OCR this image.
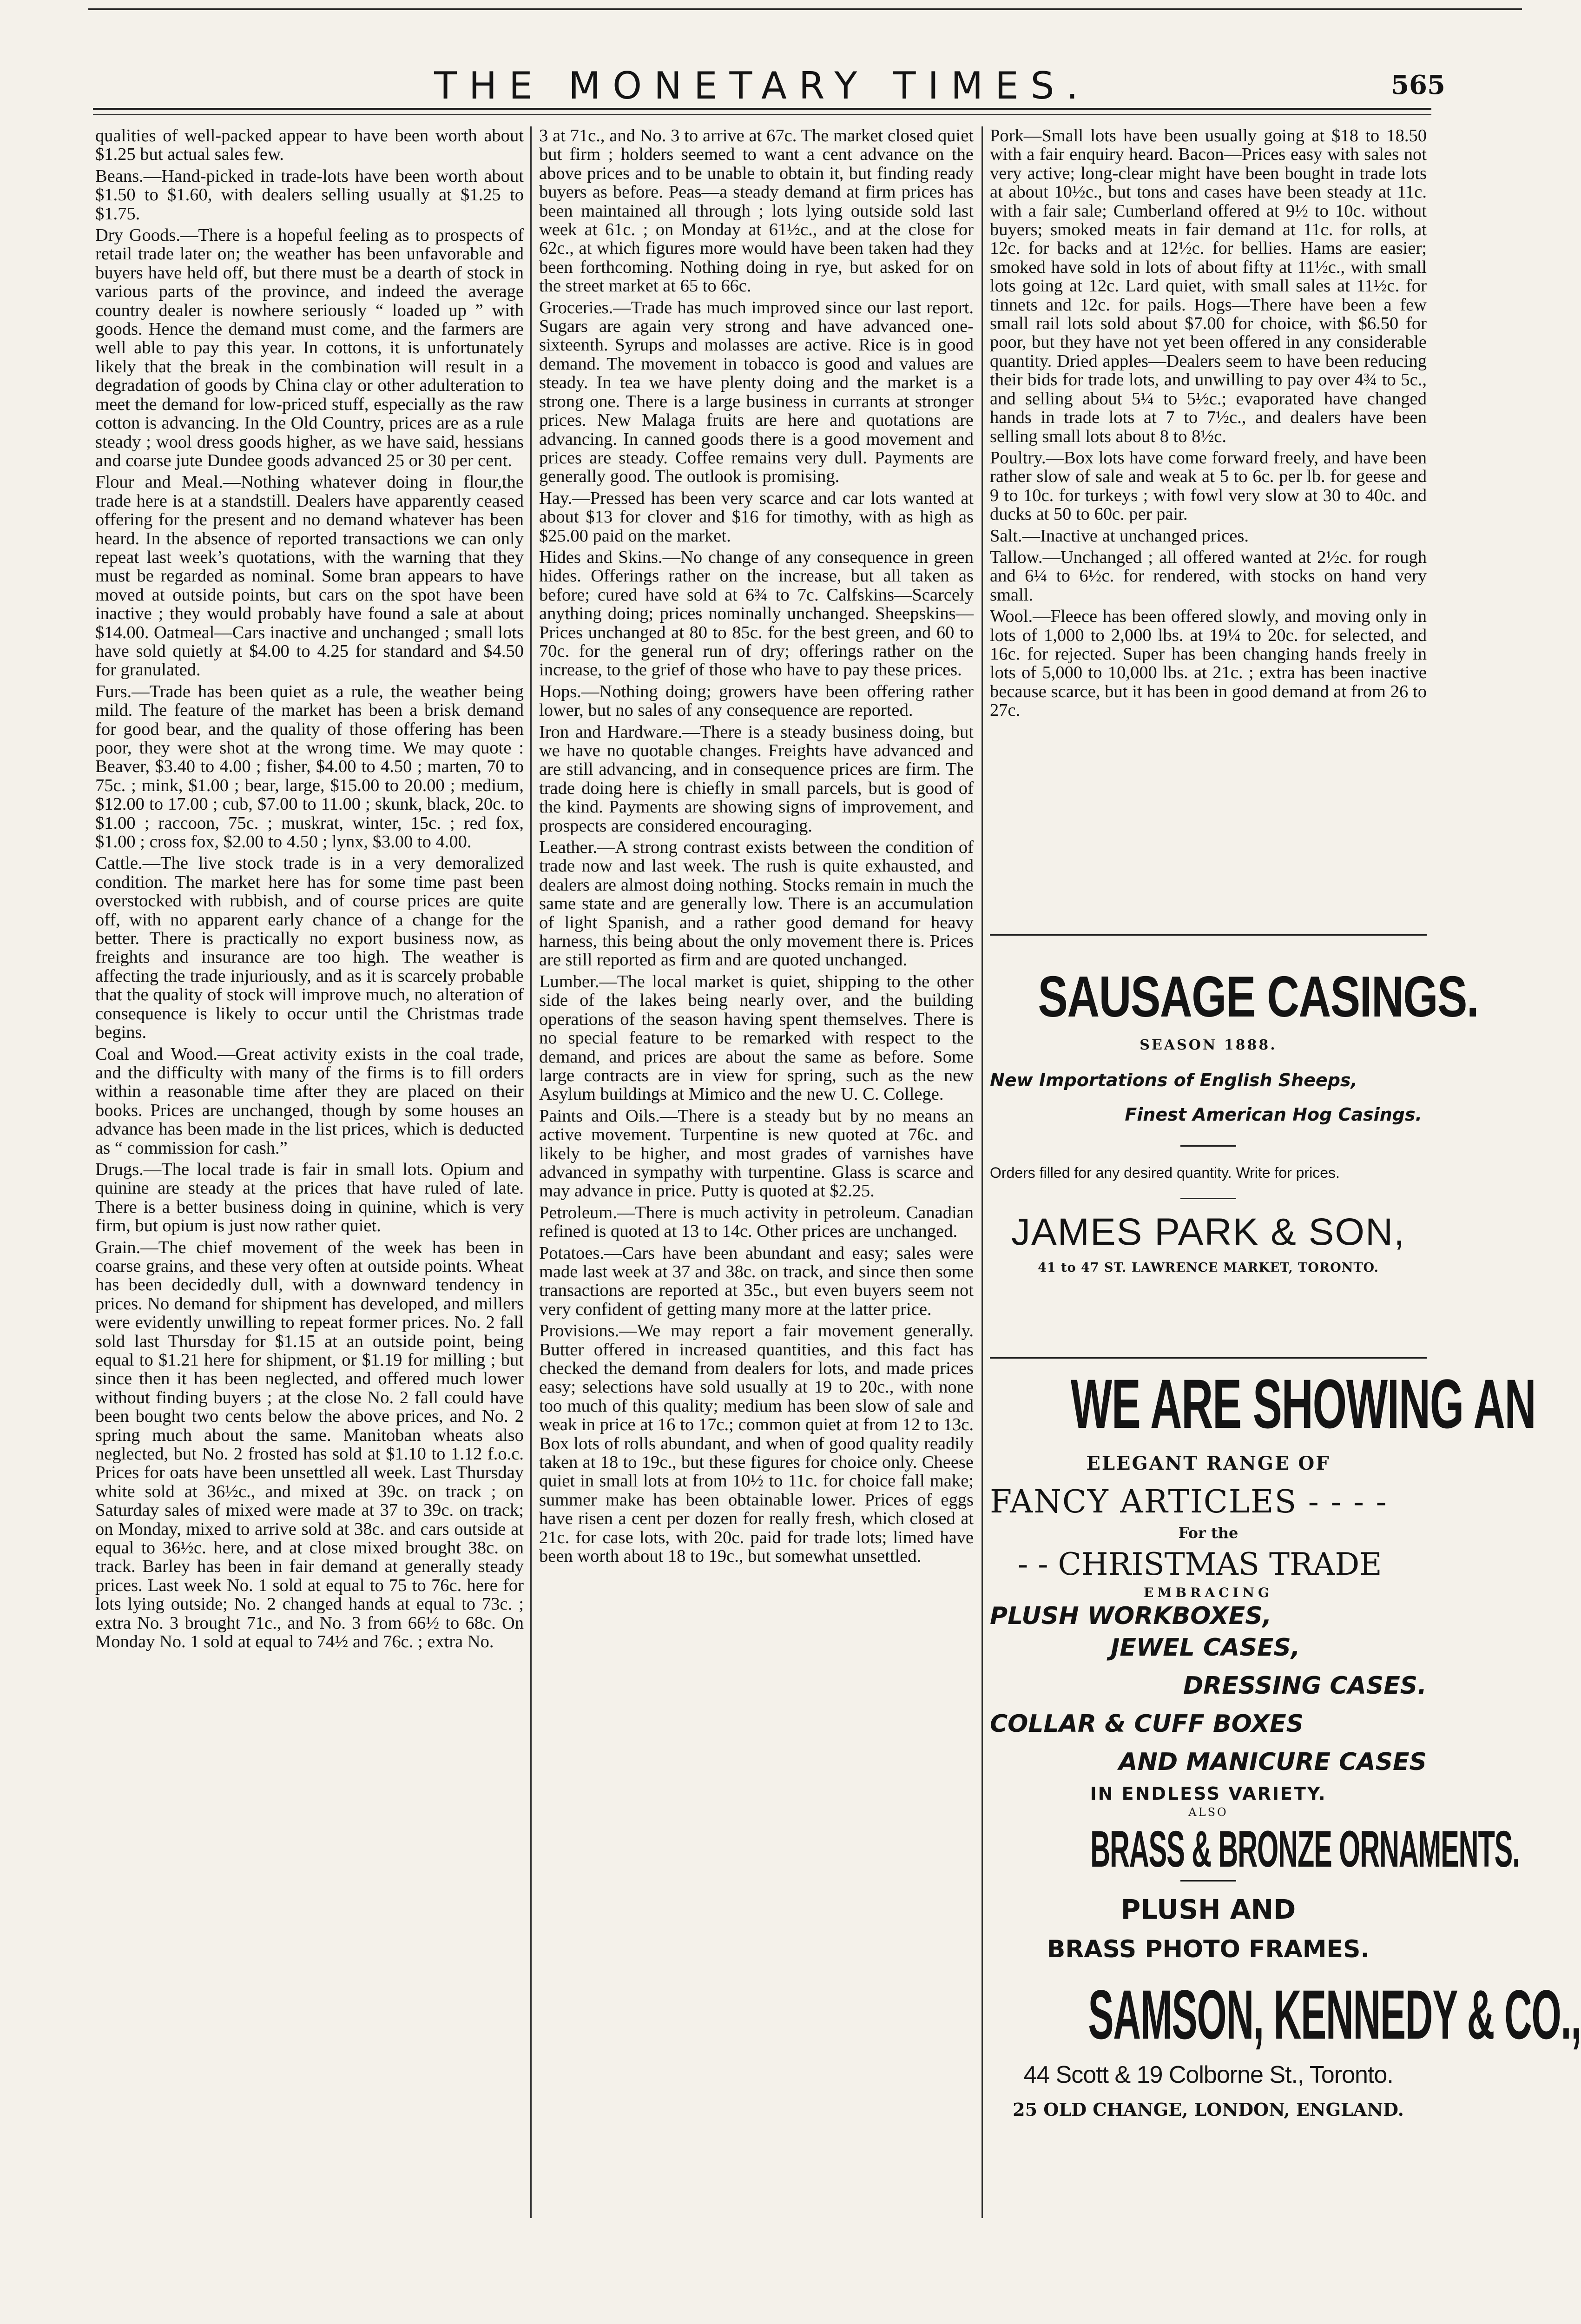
THE MONETARY TIMES.	565

qualities of well-packed appear to have been worth about $1.25 but actual sales few.

Beans.—Hand-picked in trade-lots have been worth about $1.50 to $1.60, with dealers selling usually at $1.25 to $1.75.

Dry Goods.—There is a hopeful feeling as to prospects of retail trade later on; the weather has been unfavorable and buyers have held off, but there must be a dearth of stock in various parts of the province, and indeed the average country dealer is nowhere seriously “ loaded up ” with goods. Hence the demand must come, and the farmers are well able to pay this year. In cottons, it is unfortunately likely that the break in the combination will result in a degradation of goods by China clay or other adulteration to meet the demand for low-priced stuff, especially as the raw cotton is advancing. In the Old Country, prices are as a rule steady ; wool dress goods higher, as we have said, hessians and coarse jute Dundee goods advanced 25 or 30 per cent.

Flour and Meal.—Nothing whatever doing in flour,the trade here is at a standstill. Dealers have apparently ceased offering for the present and no demand whatever has been heard. In the absence of reported transactions we can only repeat last week’s quotations, with the warning that they must be regarded as nominal. Some bran appears to have moved at outside points, but cars on the spot have been inactive ; they would probably have found a sale at about $14.00. Oatmeal—Cars inactive and unchanged ; small lots have sold quietly at $4.00 to 4.25 for standard and $4.50 for granulated.

Furs.—Trade has been quiet as a rule, the weather being mild. The feature of the market has been a brisk demand for good bear, and the quality of those offering has been poor, they were shot at the wrong time. We may quote : Beaver, $3.40 to 4.00 ; fisher, $4.00 to 4.50 ; marten, 70 to 75c. ; mink, $1.00 ; bear, large, $15.00 to 20.00 ; medium, $12.00 to 17.00 ; cub, $7.00 to 11.00 ; skunk, black, 20c. to $1.00 ; raccoon, 75c. ; muskrat, winter, 15c. ; red fox, $1.00 ; cross fox, $2.00 to 4.50 ; lynx, $3.00 to 4.00.

Cattle.—The live stock trade is in a very demoralized condition. The market here has for some time past been overstocked with rubbish, and of course prices are quite off, with no apparent early chance of a change for the better. There is practically no export business now, as freights and insurance are too high. The weather is affecting the trade injuriously, and as it is scarcely probable that the quality of stock will improve much, no alteration of consequence is likely to occur until the Christmas trade begins.

Coal and Wood.—Great activity exists in the coal trade, and the difficulty with many of the firms is to fill orders within a reasonable time after they are placed on their books. Prices are unchanged, though by some houses an advance has been made in the list prices, which is deducted as “ commission for cash.”

Drugs.—The local trade is fair in small lots. Opium and quinine are steady at the prices that have ruled of late. There is a better business doing in quinine, which is very firm, but opium is just now rather quiet.

Grain.—The chief movement of the week has been in coarse grains, and these very often at outside points. Wheat has been decidedly dull, with a downward tendency in prices. No demand for shipment has developed, and millers were evidently unwilling to repeat former prices. No. 2 fall sold last Thursday for $1.15 at an outside point, being equal to $1.21 here for shipment, or $1.19 for milling ; but since then it has been neglected, and offered much lower without finding buyers ; at the close No. 2 fall could have been bought two cents below the above prices, and No. 2 spring much about the same. Manitoban wheats also neglected, but No. 2 frosted has sold at $1.10 to 1.12 f.o.c. Prices for oats have been unsettled all week. Last Thursday white sold at 36½c., and mixed at 39c. on track ; on Saturday sales of mixed were made at 37 to 39c. on track; on Monday, mixed to arrive sold at 38c. and cars outside at equal to 36½c. here, and at close mixed brought 38c. on track. Barley has been in fair demand at generally steady prices. Last week No. 1 sold at equal to 75 to 76c. here for lots lying outside; No. 2 changed hands at equal to 73c. ; extra No. 3 brought 71c., and No. 3 from 66½ to 68c. On Monday No. 1 sold at equal to 74½ and 76c. ; extra No.

3 at 71c., and No. 3 to arrive at 67c. The market closed quiet but firm ; holders seemed to want a cent advance on the above prices and to be unable to obtain it, but finding ready buyers as before. Peas—a steady demand at firm prices has been maintained all through ; lots lying outside sold last week at 61c. ; on Monday at 61½c., and at the close for 62c., at which figures more would have been taken had they been forthcoming. Nothing doing in rye, but asked for on the street market at 65 to 66c.

Groceries.—Trade has much improved since our last report. Sugars are again very strong and have advanced one-sixteenth. Syrups and molasses are active. Rice is in good demand. The movement in tobacco is good and values are steady. In tea we have plenty doing and the market is a strong one. There is a large business in currants at stronger prices. New Malaga fruits are here and quotations are advancing. In canned goods there is a good movement and prices are steady. Coffee remains very dull. Payments are generally good. The outlook is promising.

Hay.—Pressed has been very scarce and car lots wanted at about $13 for clover and $16 for timothy, with as high as $25.00 paid on the market.

Hides and Skins.—No change of any consequence in green hides. Offerings rather on the increase, but all taken as before; cured have sold at 6¾ to 7c. Calfskins—Scarcely anything doing; prices nominally unchanged. Sheepskins—Prices unchanged at 80 to 85c. for the best green, and 60 to 70c. for the general run of dry; offerings rather on the increase, to the grief of those who have to pay these prices.

Hops.—Nothing doing; growers have been offering rather lower, but no sales of any consequence are reported.

Iron and Hardware.—There is a steady business doing, but we have no quotable changes. Freights have advanced and are still advancing, and in consequence prices are firm. The trade doing here is chiefly in small parcels, but is good of the kind. Payments are showing signs of improvement, and prospects are considered encouraging.

Leather.—A strong contrast exists between the condition of trade now and last week. The rush is quite exhausted, and dealers are almost doing nothing. Stocks remain in much the same state and are generally low. There is an accumulation of light Spanish, and a rather good demand for heavy harness, this being about the only movement there is. Prices are still reported as firm and are quoted unchanged.

Lumber.—The local market is quiet, shipping to the other side of the lakes being nearly over, and the building operations of the season having spent themselves. There is no special feature to be remarked with respect to the demand, and prices are about the same as before. Some large contracts are in view for spring, such as the new Asylum buildings at Mimico and the new U. C. College.

Paints and Oils.—There is a steady but by no means an active movement. Turpentine is new quoted at 76c. and likely to be higher, and most grades of varnishes have advanced in sympathy with turpentine. Glass is scarce and may advance in price. Putty is quoted at $2.25.

Petroleum.—There is much activity in petroleum. Canadian refined is quoted at 13 to 14c. Other prices are unchanged.

Potatoes.—Cars have been abundant and easy; sales were made last week at 37 and 38c. on track, and since then some transactions are reported at 35c., but even buyers seem not very confident of getting many more at the latter price.

Provisions.—We may report a fair movement generally. Butter offered in increased quantities, and this fact has checked the demand from dealers for lots, and made prices easy; selections have sold usually at 19 to 20c., with none too much of this quality; medium has been slow of sale and weak in price at 16 to 17c.; common quiet at from 12 to 13c. Box lots of rolls abundant, and when of good quality readily taken at 18 to 19c., but these figures for choice only. Cheese quiet in small lots at from 10½ to 11c. for choice fall make; summer make has been obtainable lower. Prices of eggs have risen a cent per dozen for really fresh, which closed at 21c. for case lots, with 20c. paid for trade lots; limed have been worth about 18 to 19c., but somewhat unsettled.

Pork—Small lots have been usually going at $18 to 18.50 with a fair enquiry heard. Bacon—Prices easy with sales not very active; long-clear might have been bought in trade lots at about 10½c., but tons and cases have been steady at 11c. with a fair sale; Cumberland offered at 9½ to 10c. without buyers; smoked meats in fair demand at 11c. for rolls, at 12c. for backs and at 12½c. for bellies. Hams are easier; smoked have sold in lots of about fifty at 11½c., with small lots going at 12c. Lard quiet, with small sales at 11½c. for tinnets and 12c. for pails. Hogs—There have been a few small rail lots sold about $7.00 for choice, with $6.50 for poor, but they have not yet been offered in any considerable quantity. Dried apples—Dealers seem to have been reducing their bids for trade lots, and unwilling to pay over 4¾ to 5c., and selling about 5¼ to 5½c.; evaporated have changed hands in trade lots at 7 to 7½c., and dealers have been selling small lots about 8 to 8½c.

Poultry.—Box lots have come forward freely, and have been rather slow of sale and weak at 5 to 6c. per lb. for geese and 9 to 10c. for turkeys ; with fowl very slow at 30 to 40c. and ducks at 50 to 60c. per pair.

Salt.—Inactive at unchanged prices.

Tallow.—Unchanged ; all offered wanted at 2½c. for rough and 6¼ to 6½c. for rendered, with stocks on hand very small.

Wool.—Fleece has been offered slowly, and moving only in lots of 1,000 to 2,000 lbs. at 19¼ to 20c. for selected, and 16c. for rejected. Super has been changing hands freely in lots of 5,000 to 10,000 lbs. at 21c. ; extra has been inactive because scarce, but it has been in good demand at from 26 to 27c.

SAUSAGE CASINGS.
SEASON 1888.
New Importations of English Sheeps,
Finest American Hog Casings.
Orders filled for any desired quantity. Write for prices.
JAMES PARK & SON,
41 to 47 ST. LAWRENCE MARKET, TORONTO.
WE ARE SHOWING AN
ELEGANT RANGE OF
FANCY ARTICLES - - - -
For the
- - CHRISTMAS TRADE
EMBRACING
PLUSH WORKBOXES,
JEWEL CASES,
DRESSING CASES.
COLLAR & CUFF BOXES
AND MANICURE CASES
IN ENDLESS VARIETY.
ALSO
BRASS & BRONZE ORNAMENTS.
PLUSH AND
BRASS PHOTO FRAMES.
SAMSON, KENNEDY & CO.,
44 Scott & 19 Colborne St., Toronto.
25 OLD CHANGE, LONDON, ENGLAND.
